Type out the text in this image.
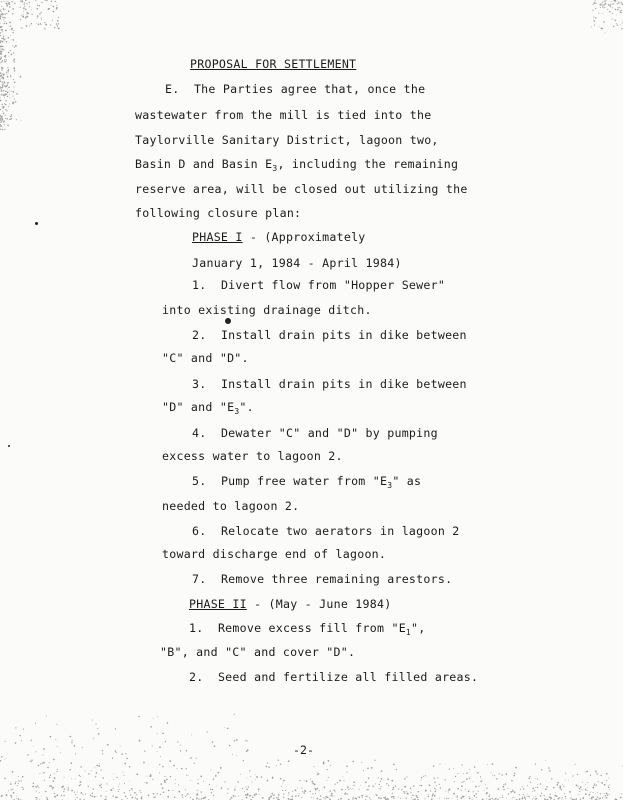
PROPOSAL FOR SETTLEMENT
E. The Parties agree that, once the
wastewater from the mill is tied into the
Taylorville Sanitary District, lagoon two,
Basin D and Basin $E_3$, including the remaining
reserve area, will be closed out utilizing the
following closure plan:
PHASE I - (Approximately
January 1, 1984 - April 1984)
1. Divert flow from "Hopper Sewer"
into existing drainage ditch.
2. Install drain pits in dike between
"C" and "D".
3. Install drain pits in dike between
"D" and "$E_3$".
4. Dewater "C" and "D" by pumping
excess water to lagoon 2.
5. Pump free water from "$E_3$" as
needed to lagoon 2.
6. Relocate two aerators in lagoon 2
toward discharge end of lagoon.
7. Remove three remaining arestors.
PHASE II - (May - June 1984)
1. Remove excess fill from "$E_1$",
"B", and "C" and cover "D".
2. Seed and fertilize all filled areas.
-2-
